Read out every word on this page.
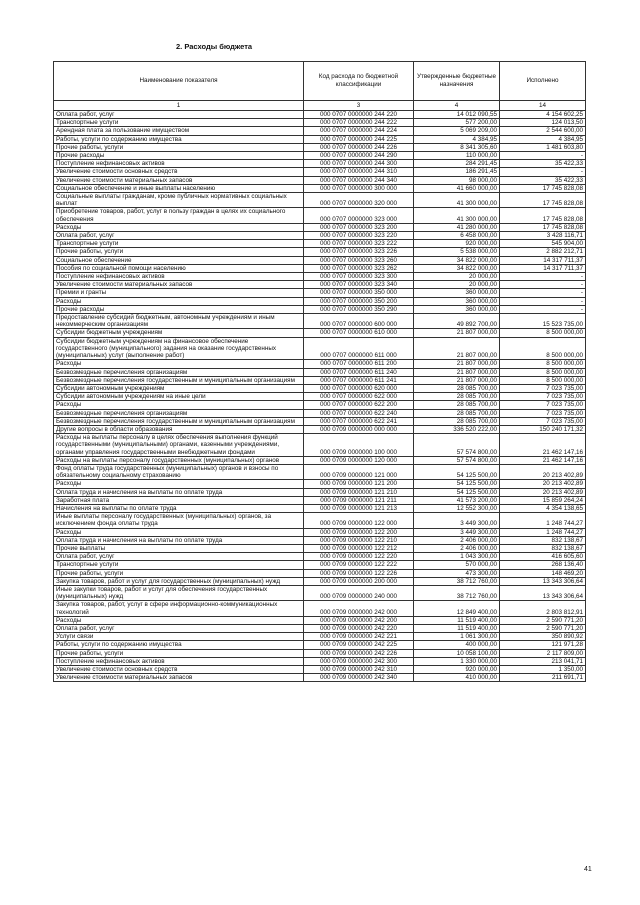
2. Расходы бюджета
Наименование показателя	Код расхода по бюджетной классификации	Утвержденные бюджетные назначения	Исполнено
1	3	4	14
Оплата работ, услуг	000 0707 0000000 244 220	14 012 090,55	4 154 602,25
Транспортные услуги	000 0707 0000000 244 222	577 200,00	124 013,50
Арендная плата за пользование имуществом	000 0707 0000000 244 224	5 069 209,00	2 544 600,00
Работы, услуги по содержанию имущества	000 0707 0000000 244 225	4 384,95	4 384,95
Прочие работы, услуги	000 0707 0000000 244 226	8 341 305,60	1 481 603,80
Прочие расходы	000 0707 0000000 244 290	110 000,00	-
Поступление нефинансовых активов	000 0707 0000000 244 300	284 291,45	35 422,33
Увеличение стоимости основных средств	000 0707 0000000 244 310	186 291,45	-
Увеличение стоимости материальных запасов	000 0707 0000000 244 340	98 000,00	35 422,33
Социальное обеспечение и иные выплаты населению	000 0707 0000000 300 000	41 660 000,00	17 745 828,08
Социальные выплаты гражданам, кроме публичных нормативных социальных выплат	000 0707 0000000 320 000	41 300 000,00	17 745 828,08
Приобретение товаров, работ, услуг в пользу граждан в целях их социального обеспечения	000 0707 0000000 323 000	41 300 000,00	17 745 828,08
Расходы	000 0707 0000000 323 200	41 280 000,00	17 745 828,08
Оплата работ, услуг	000 0707 0000000 323 220	6 458 000,00	3 428 116,71
Транспортные услуги	000 0707 0000000 323 222	920 000,00	545 904,00
Прочие работы, услуги	000 0707 0000000 323 226	5 538 000,00	2 882 212,71
Социальное обеспечение	000 0707 0000000 323 260	34 822 000,00	14 317 711,37
Пособия по социальной помощи населению	000 0707 0000000 323 262	34 822 000,00	14 317 711,37
Поступление нефинансовых активов	000 0707 0000000 323 300	20 000,00	-
Увеличение стоимости материальных запасов	000 0707 0000000 323 340	20 000,00	-
Премии и гранты	000 0707 0000000 350 000	360 000,00	-
Расходы	000 0707 0000000 350 200	360 000,00	-
Прочие расходы	000 0707 0000000 350 290	360 000,00	-
Предоставление субсидий бюджетным, автономным учреждениям и иным некоммерческим организациям	000 0707 0000000 600 000	49 892 700,00	15 523 735,00
Субсидии бюджетным учреждениям	000 0707 0000000 610 000	21 807 000,00	8 500 000,00
Субсидии бюджетным учреждениям на финансовое обеспечение государственного (муниципального) задания на оказание государственных (муниципальных) услуг (выполнение работ)	000 0707 0000000 611 000	21 807 000,00	8 500 000,00
Расходы	000 0707 0000000 611 200	21 807 000,00	8 500 000,00
Безвозмездные перечисления организациям	000 0707 0000000 611 240	21 807 000,00	8 500 000,00
Безвозмездные перечисления государственным и муниципальным организациям	000 0707 0000000 611 241	21 807 000,00	8 500 000,00
Субсидии автономным учреждениям	000 0707 0000000 620 000	28 085 700,00	7 023 735,00
Субсидии автономным учреждениям на иные цели	000 0707 0000000 622 000	28 085 700,00	7 023 735,00
Расходы	000 0707 0000000 622 200	28 085 700,00	7 023 735,00
Безвозмездные перечисления организациям	000 0707 0000000 622 240	28 085 700,00	7 023 735,00
Безвозмездные перечисления государственным и муниципальным организациям	000 0707 0000000 622 241	28 085 700,00	7 023 735,00
Другие вопросы в области образования	000 0709 0000000 000 000	336 520 222,00	150 240 171,32
Расходы на выплаты персоналу в целях обеспечения выполнения функций государственными (муниципальными) органами, казенными учреждениями, органами управления государственными внебюджетными фондами	000 0709 0000000 100 000	57 574 800,00	21 462 147,16
Расходы на выплаты персоналу государственных (муниципальных) органов	000 0709 0000000 120 000	57 574 800,00	21 462 147,16
Фонд оплаты труда государственных (муниципальных) органов и взносы по обязательному социальному страхованию	000 0709 0000000 121 000	54 125 500,00	20 213 402,89
Расходы	000 0709 0000000 121 200	54 125 500,00	20 213 402,89
Оплата труда и начисления на выплаты по оплате труда	000 0709 0000000 121 210	54 125 500,00	20 213 402,89
Заработная плата	000 0709 0000000 121 211	41 573 200,00	15 859 264,24
Начисления на выплаты по оплате труда	000 0709 0000000 121 213	12 552 300,00	4 354 138,65
Иные выплаты персоналу государственных (муниципальных) органов, за исключением фонда оплаты труда	000 0709 0000000 122 000	3 449 300,00	1 248 744,27
Расходы	000 0709 0000000 122 200	3 449 300,00	1 248 744,27
Оплата труда и начисления на выплаты по оплате труда	000 0709 0000000 122 210	2 406 000,00	832 138,67
Прочие выплаты	000 0709 0000000 122 212	2 406 000,00	832 138,67
Оплата работ, услуг	000 0709 0000000 122 220	1 043 300,00	416 605,60
Транспортные услуги	000 0709 0000000 122 222	570 000,00	268 136,40
Прочие работы, услуги	000 0709 0000000 122 226	473 300,00	148 469,20
Закупка товаров, работ и услуг для государственных (муниципальных) нужд	000 0709 0000000 200 000	38 712 760,00	13 343 306,64
Иные закупки товаров, работ и услуг для обеспечения государственных (муниципальных) нужд	000 0709 0000000 240 000	38 712 760,00	13 343 306,64
Закупка товаров, работ, услуг в сфере информационно-коммуникационных технологий	000 0709 0000000 242 000	12 849 400,00	2 803 812,91
Расходы	000 0709 0000000 242 200	11 519 400,00	2 590 771,20
Оплата работ, услуг	000 0709 0000000 242 220	11 519 400,00	2 590 771,20
Услуги связи	000 0709 0000000 242 221	1 061 300,00	350 890,92
Работы, услуги по содержанию имущества	000 0709 0000000 242 225	400 000,00	121 971,28
Прочие работы, услуги	000 0709 0000000 242 226	10 058 100,00	2 117 809,00
Поступление нефинансовых активов	000 0709 0000000 242 300	1 330 000,00	213 041,71
Увеличение стоимости основных средств	000 0709 0000000 242 310	920 000,00	1 350,00
Увеличение стоимости материальных запасов	000 0709 0000000 242 340	410 000,00	211 691,71
41
